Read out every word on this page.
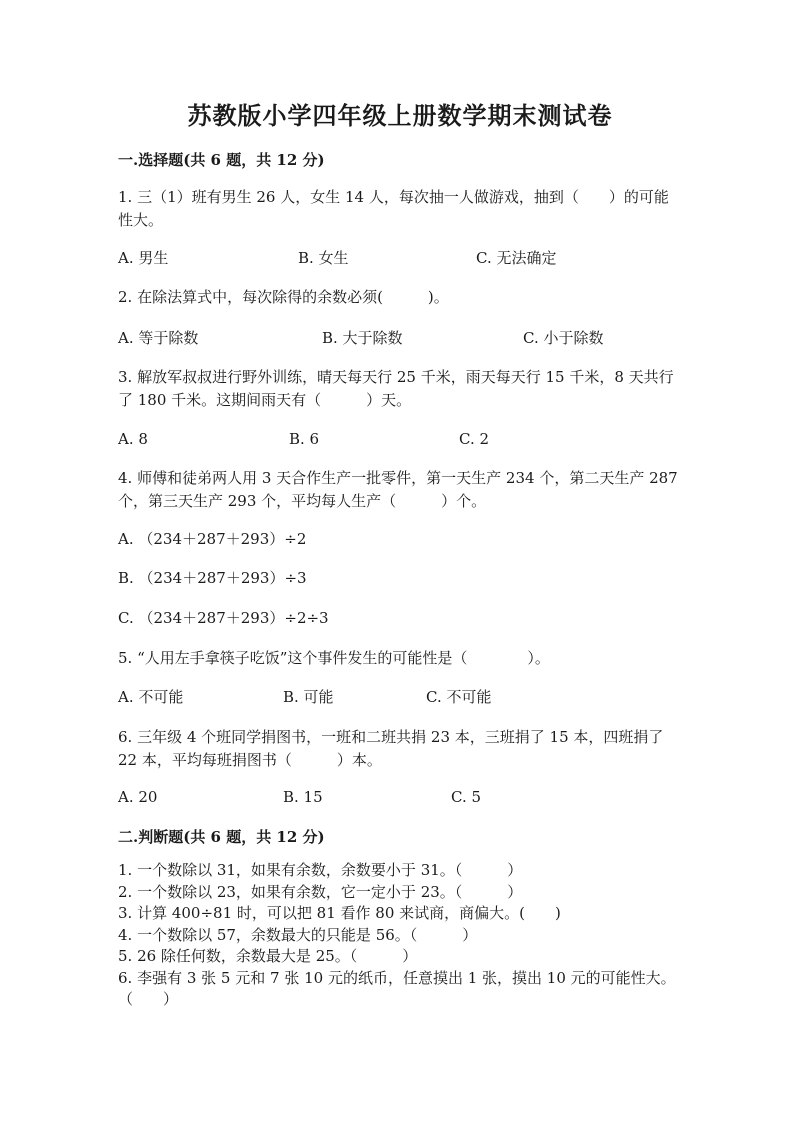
苏教版小学四年级上册数学期末测试卷
一.选择题(共 6 题，共 12 分)
1. 三（1）班有男生 26 人，女生 14 人，每次抽一人做游戏，抽到（　　）的可能性大。
A. 男生	B. 女生	C. 无法确定
2. 在除法算式中，每次除得的余数必须(　　　)。
A. 等于除数	B. 大于除数	C. 小于除数
3. 解放军叔叔进行野外训练，晴天每天行 25 千米，雨天每天行 15 千米，8 天共行了 180 千米。这期间雨天有（　　　）天。
A. 8	B. 6	C. 2
4. 师傅和徒弟两人用 3 天合作生产一批零件，第一天生产 234 个，第二天生产 287 个，第三天生产 293 个，平均每人生产（　　　）个。
A. （234＋287＋293）÷2
B. （234＋287＋293）÷3
C. （234＋287＋293）÷2÷3
5. “人用左手拿筷子吃饭”这个事件发生的可能性是（　　　　）。
A. 不可能	B. 可能	C. 不可能
6. 三年级 4 个班同学捐图书，一班和二班共捐 23 本，三班捐了 15 本，四班捐了 22 本，平均每班捐图书（　　　）本。
A. 20	B. 15	C. 5
二.判断题(共 6 题，共 12 分)
1. 一个数除以 31，如果有余数，余数要小于 31。（　　　）
2. 一个数除以 23，如果有余数，它一定小于 23。（　　　）
3. 计算 400÷81 时，可以把 81 看作 80 来试商，商偏大。(　　)
4. 一个数除以 57，余数最大的只能是 56。（　　　）
5. 26 除任何数，余数最大是 25。（　　　）
6. 李强有 3 张 5 元和 7 张 10 元的纸币，任意摸出 1 张，摸出 10 元的可能性大。　　（　　）
